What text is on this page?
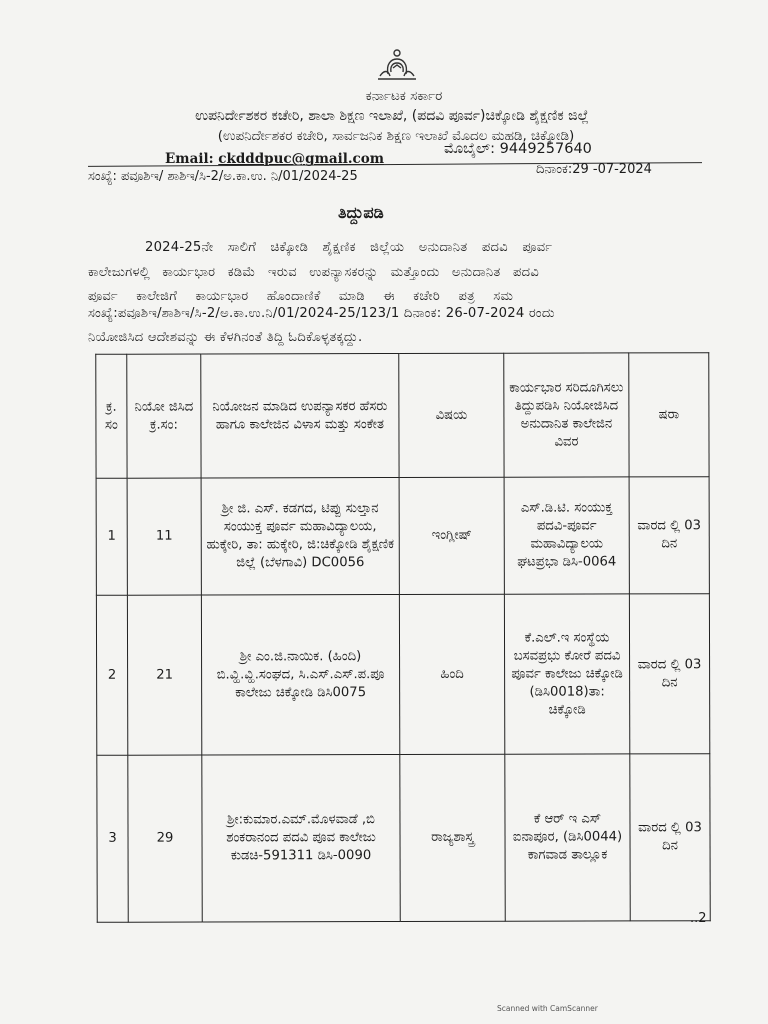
ಕರ್ನಾಟಕ ಸರ್ಕಾರ
ಉಪನಿರ್ದೇಶಕರ ಕಚೇರಿ, ಶಾಲಾ ಶಿಕ್ಷಣ ಇಲಾಖೆ, (ಪದವಿ ಪೂರ್ವ)ಚಿಕ್ಕೋಡಿ ಶೈಕ್ಷಣಿಕ ಜಿಲ್ಲೆ
(ಉಪನಿರ್ದೇಶಕರ ಕಚೇರಿ, ಸಾರ್ವಜನಿಕ ಶಿಕ್ಷಣ ಇಲಾಖೆ ಮೊದಲ ಮಹಡಿ, ಚಿಕ್ಕೋಡಿ)
Email: ckdddpuc@gmail.com
ಮೊಬೈಲ್: 9449257640
ಸಂಖ್ಯೆ: ಪವೂಶಿಇ/ ಶಾಶಿಇ/ಸಿ-2/ಅ.ಕಾ.ಉ. ನಿ/01/2024-25	ದಿನಾಂಕ:29 -07-2024
ತಿದ್ದುಪಡಿ
2024-25ನೇ ಸಾಲಿಗೆ ಚಿಕ್ಕೋಡಿ ಶೈಕ್ಷಣಿಕ ಜಿಲ್ಲೆಯ ಅನುದಾನಿತ ಪದವಿ ಪೂರ್ವ
ಕಾಲೇಜುಗಳಲ್ಲಿ ಕಾರ್ಯಭಾರ ಕಡಿಮೆ ಇರುವ ಉಪನ್ಯಾಸಕರನ್ನು ಮತ್ತೊಂದು ಅನುದಾನಿತ ಪದವಿ
ಪೂರ್ವ ಕಾಲೇಜಿಗೆ ಕಾರ್ಯಭಾರ ಹೊಂದಾಣಿಕೆ ಮಾಡಿ ಈ ಕಚೇರಿ ಪತ್ರ ಸಮ
ಸಂಖ್ಯೆ:ಪವೂಶಿಇ/ಶಾಶಿಇ/ಸಿ-2/ಅ.ಕಾ.ಉ.ನಿ/01/2024-25/123/1 ದಿನಾಂಕ: 26-07-2024 ರಂದು
ನಿಯೋಜಿಸಿದ ಆದೇಶವನ್ನು ಈ ಕೆಳಗಿನಂತೆ ತಿದ್ದಿ ಓದಿಕೊಳ್ಳತಕ್ಕದ್ದು.
ಕ್ರ. ಸಂ	ನಿಯೋ ಜಿಸಿದ ಕ್ರ.ಸಂ:	ನಿಯೋಜನ ಮಾಡಿದ ಉಪನ್ಯಾಸಕರ ಹೆಸರು ಹಾಗೂ ಕಾಲೇಜಿನ ವಿಳಾಸ ಮತ್ತು ಸಂಕೇತ	ವಿಷಯ	ಕಾರ್ಯಭಾರ ಸರಿದೂಗಿಸಲು ತಿದ್ದುಪಡಿಸಿ ನಿಯೋಜಿಸಿದ ಅನುದಾನಿತ ಕಾಲೇಜಿನ ವಿವರ	ಷರಾ
1	11	ಶ್ರೀ ಜಿ. ಎಸ್. ಕಡಗದ, ಟಿಪ್ಪು ಸುಲ್ತಾನ ಸಂಯುಕ್ತ ಪೂರ್ವ ಮಹಾವಿದ್ಯಾಲಯ, ಹುಕ್ಕೇರಿ, ತಾ: ಹುಕ್ಕೇರಿ, ಜಿ:ಚಿಕ್ಕೋಡಿ ಶೈಕ್ಷಣಿಕ ಜಿಲ್ಲೆ (ಬೆಳಗಾವಿ) DC0056	ಇಂಗ್ಲೀಷ್	ಎಸ್.ಡಿ.ಟಿ. ಸಂಯುಕ್ತ ಪದವಿ-ಪೂರ್ವ ಮಹಾವಿದ್ಯಾಲಯ ಘಟಪ್ರಭಾ ಡಿಸಿ-0064	ವಾರದ ಲ್ಲಿ 03 ದಿನ
2	21	ಶ್ರೀ ಎಂ.ಜಿ.ನಾಯಿಕ. (ಹಿಂದಿ) ಬಿ.ವ್ಹಿ.ವ್ಹಿ.ಸಂಘದ, ಸಿ.ಎಸ್.ಎಸ್.ಪ.ಪೂ ಕಾಲೇಜು ಚಿಕ್ಕೋಡಿ ಡಿಸಿ0075	ಹಿಂದಿ	ಕೆ.ಎಲ್.ಇ ಸಂಸ್ಥೆಯ ಬಸವಪ್ರಭು ಕೋರೆ ಪದವಿ ಪೂರ್ವ ಕಾಲೇಜು ಚಿಕ್ಕೋಡಿ (ಡಿಸಿ0018)ತಾ: ಚಿಕ್ಕೋಡಿ	ವಾರದ ಲ್ಲಿ 03 ದಿನ
3	29	ಶ್ರೀ:ಕುಮಾರ.ಎಮ್.ಮೊಳವಾಡೆ ,ಬಿ ಶಂಕರಾನಂದ ಪದವಿ ಪೂವ ಕಾಲೇಜು ಕುಡಚಿ-591311 ಡಿಸಿ-0090	ರಾಜ್ಯಶಾಸ್ತ್ರ	ಕೆ ಆರ್ ಇ ಎಸ್ ಐನಾಪೂರ, (ಡಿಸಿ0044) ಕಾಗವಾಡ ತಾಲ್ಲೂಕ	ವಾರದ ಲ್ಲಿ 03 ದಿನ
..2
Scanned with CamScanner
